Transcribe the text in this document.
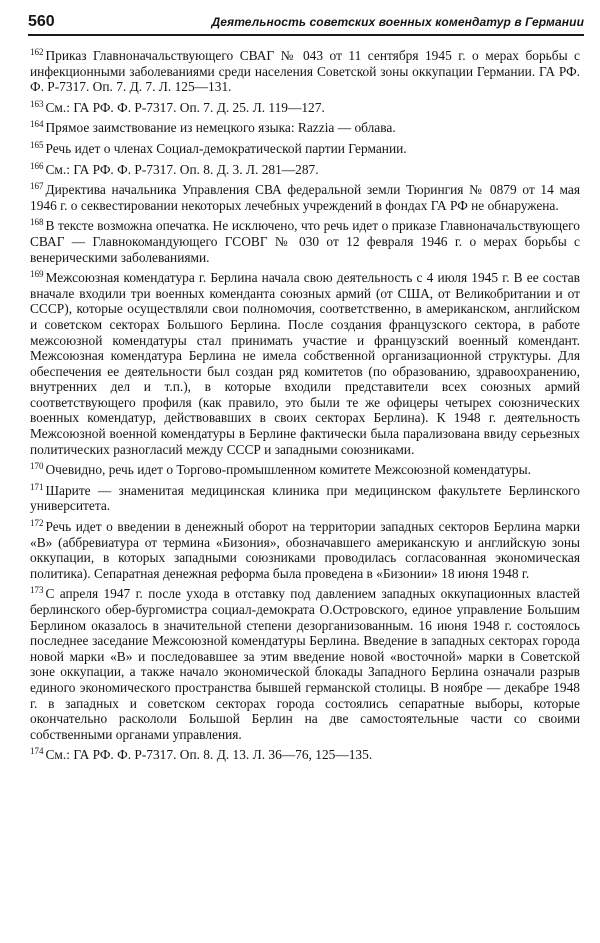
560	Деятельность советских военных комендатур в Германии

$^{162}$ Приказ Главноначальствующего СВАГ № 043 от 11 сентября 1945 г. о мерах борьбы с инфекционными заболеваниями среди населения Советской зоны оккупации Германии. ГА РФ. Ф. Р-7317. Оп. 7. Д. 7. Л. 125—131.

$^{163}$ См.: ГА РФ. Ф. Р-7317. Оп. 7. Д. 25. Л. 119—127.

$^{164}$ Прямое заимствование из немецкого языка: Razzia — облава.

$^{165}$ Речь идет о членах Социал-демократической партии Германии.

$^{166}$ См.: ГА РФ. Ф. Р-7317. Оп. 8. Д. 3. Л. 281—287.

$^{167}$ Директива начальника Управления СВА федеральной земли Тюрингия № 0879 от 14 мая 1946 г. о секвестировании некоторых лечебных учреждений в фондах ГА РФ не обнаружена.

$^{168}$ В тексте возможна опечатка. Не исключено, что речь идет о приказе Главноначальствующего СВАГ — Главнокомандующего ГСОВГ № 030 от 12 февраля 1946 г. о мерах борьбы с венерическими заболеваниями.

$^{169}$ Межсоюзная комендатура г. Берлина начала свою деятельность с 4 июля 1945 г. В ее состав вначале входили три военных коменданта союзных армий (от США, от Великобритании и от СССР), которые осуществляли свои полномочия, соответственно, в американском, английском и советском секторах Большого Берлина. После создания французского сектора, в работе межсоюзной комендатуры стал принимать участие и французский военный комендант. Межсоюзная комендатура Берлина не имела собственной организационной структуры. Для обеспечения ее деятельности был создан ряд комитетов (по образованию, здравоохранению, внутренних дел и т.п.), в которые входили представители всех союзных армий соответствующего профиля (как правило, это были те же офицеры четырех союзнических военных комендатур, действовавших в своих секторах Берлина). К 1948 г. деятельность Межсоюзной военной комендатуры в Берлине фактически была парализована ввиду серьезных политических разногласий между СССР и западными союзниками.

$^{170}$ Очевидно, речь идет о Торгово-промышленном комитете Межсоюзной комендатуры.

$^{171}$ Шарите — знаменитая медицинская клиника при медицинском факультете Берлинского университета.

$^{172}$ Речь идет о введении в денежный оборот на территории западных секторов Берлина марки «В» (аббревиатура от термина «Бизония», обозначавшего американскую и английскую зоны оккупации, в которых западными союзниками проводилась согласованная экономическая политика). Сепаратная денежная реформа была проведена в «Бизонии» 18 июня 1948 г.

$^{173}$ С апреля 1947 г. после ухода в отставку под давлением западных оккупационных властей берлинского обер-бургомистра социал-демократа О.Островского, единое управление Большим Берлином оказалось в значительной степени дезорганизованным. 16 июня 1948 г. состоялось последнее заседание Межсоюзной комендатуры Берлина. Введение в западных секторах города новой марки «В» и последовавшее за этим введение новой «восточной» марки в Советской зоне оккупации, а также начало экономической блокады Западного Берлина означали разрыв единого экономического пространства бывшей германской столицы. В ноябре — декабре 1948 г. в западных и советском секторах города состоялись сепаратные выборы, которые окончательно раскололи Большой Берлин на две самостоятельные части со своими собственными органами управления.

$^{174}$ См.: ГА РФ. Ф. Р-7317. Оп. 8. Д. 13. Л. 36—76, 125—135.
